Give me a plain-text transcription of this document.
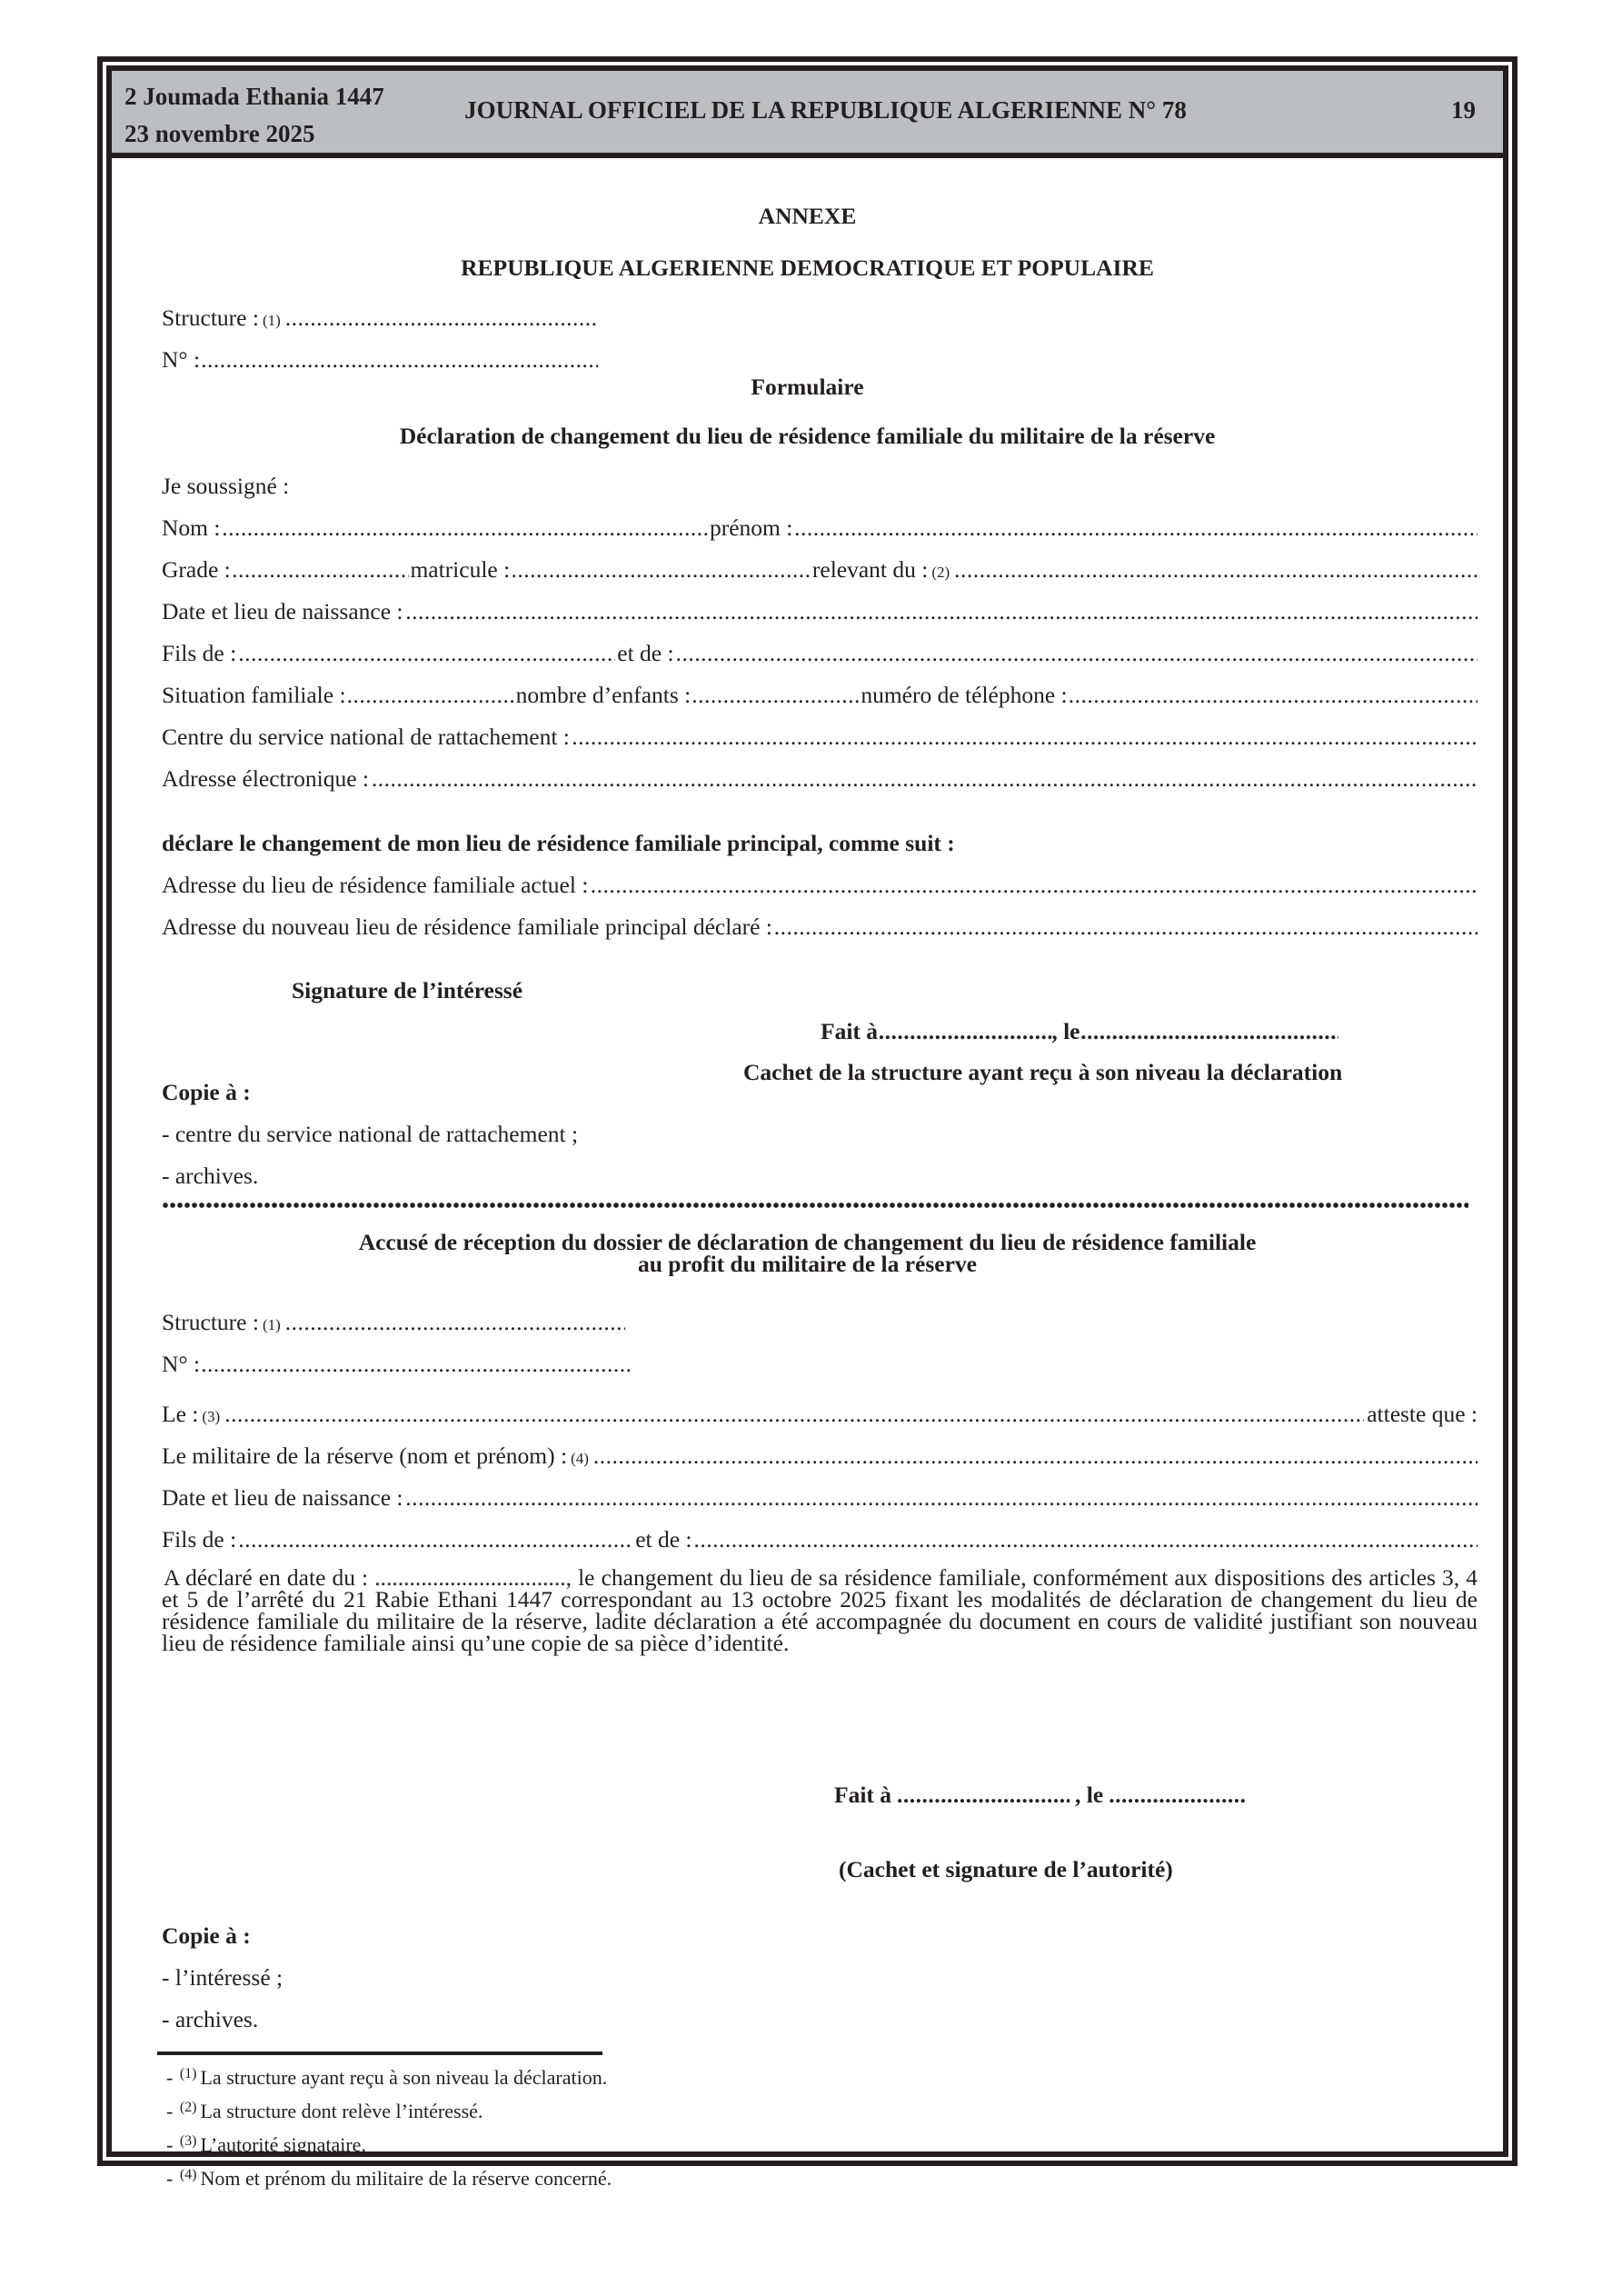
2 Joumada Ethania 1447
23 novembre 2025
JOURNAL OFFICIEL DE LA REPUBLIQUE ALGERIENNE N° 78	19
ANNEXE
REPUBLIQUE ALGERIENNE DEMOCRATIQUE ET POPULAIRE
Structure : (1)
.....
N° :
.....
Formulaire
Déclaration de changement du lieu de résidence familiale du militaire de la réserve
Je soussigné :
Nom : .....	prénom :
.....
Grade : .....	matricule : .....	relevant du : (2)
.....
Date et lieu de naissance :
.....
Fils de : .....	et de :
.....
Situation familiale : .....	nombre d’enfants : .....	numéro de téléphone :
.....
Centre du service national de rattachement :
.....
Adresse électronique :
.....
déclare le changement de mon lieu de résidence familiale principal, comme suit :
Adresse du lieu de résidence familiale actuel :
.....
Adresse du nouveau lieu de résidence familiale principal déclaré :
.....
Signature de l’intéressé
Fait à .....	, le
.....
Cachet de la structure ayant reçu à son niveau la déclaration
Copie à :
- centre du service national de rattachement ;
- archives.
Accusé de réception du dossier de déclaration de changement du lieu de résidence familiale
au profit du militaire de la réserve
Structure : (1)
.....
N° :
.....
Le : (3) .....	atteste que :
Le militaire de la réserve (nom et prénom) : (4)
.....
Date et lieu de naissance :
.....
Fils de : .....	et de :
.....
A déclaré en date du : ................................., le changement du lieu de sa résidence familiale, conformément aux dispositions des articles 3, 4 et 5 de l’arrêté du 21 Rabie Ethani 1447 correspondant au 13 octobre 2025 fixant les modalités de déclaration de changement du lieu de résidence familiale du militaire de la réserve, ladite déclaration a été accompagnée du document en cours de validité justifiant son nouveau lieu de résidence familiale ainsi qu’une copie de sa pièce d’identité.
Fait à .....	, le
.....
(Cachet et signature de l’autorité)
Copie à :
- l’intéressé ;
- archives.
- $^{(1)}$ La structure ayant reçu à son niveau la déclaration.
- $^{(2)}$ La structure dont relève l’intéressé.
- $^{(3)}$ L’autorité signataire.
- $^{(4)}$ Nom et prénom du militaire de la réserve concerné.
